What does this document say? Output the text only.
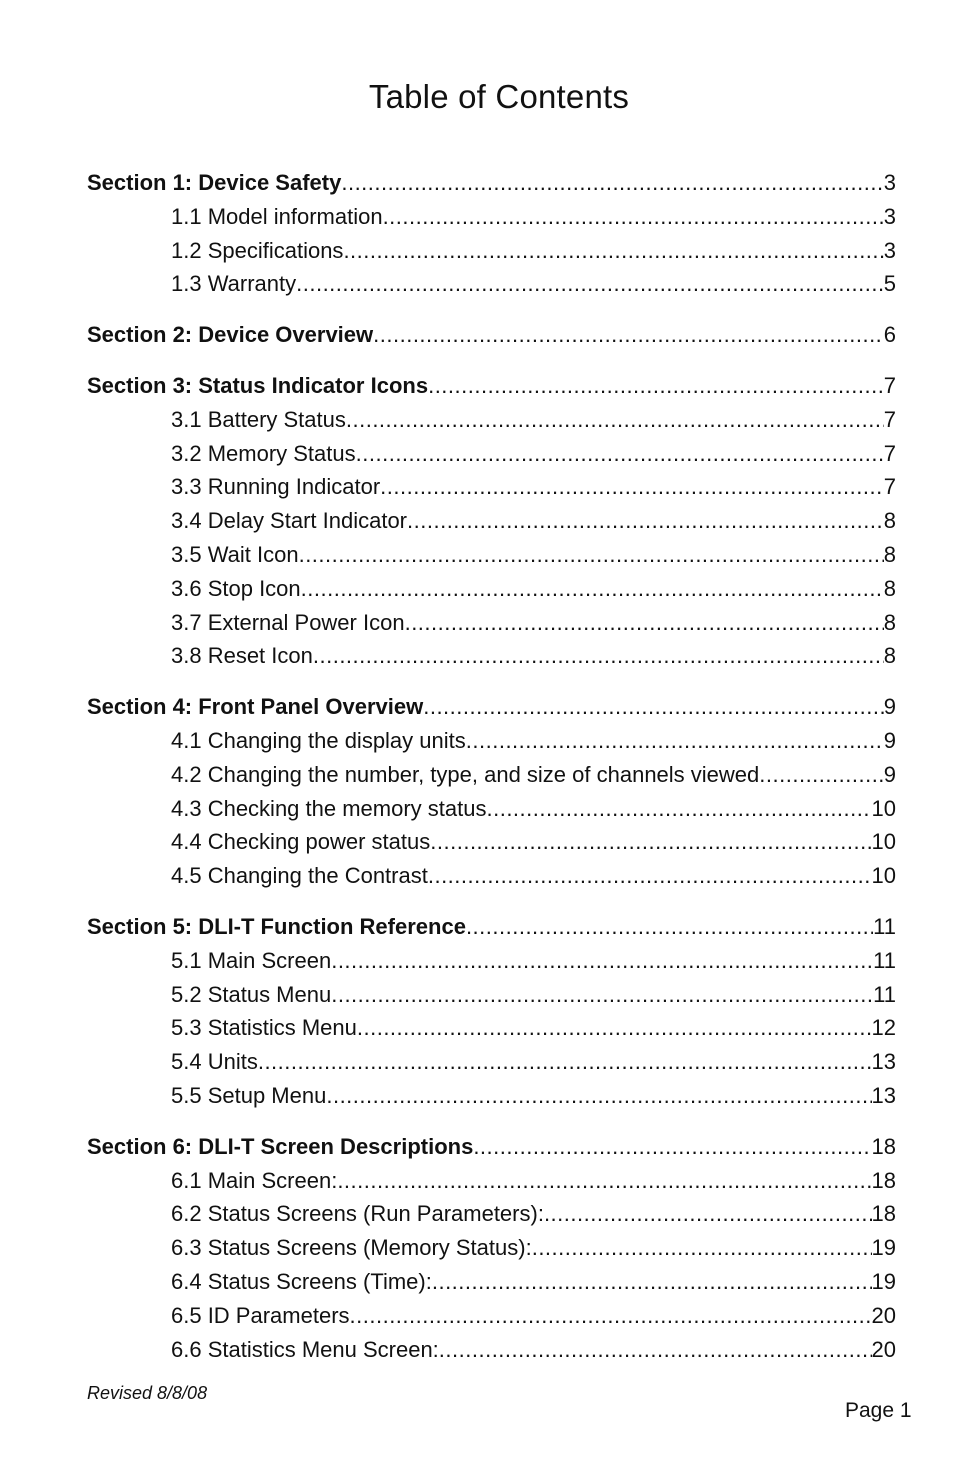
Table of Contents
Section 1: Device Safety .....	3
1.1 Model information .....	3
1.2 Specifications .....	3
1.3 Warranty .....	5
Section 2: Device Overview .....	6
Section 3: Status Indicator Icons .....	7
3.1 Battery Status .....	7
3.2 Memory Status .....	7
3.3 Running Indicator .....	7
3.4 Delay Start Indicator .....	8
3.5 Wait Icon .....	8
3.6 Stop Icon .....	8
3.7 External Power Icon .....	8
3.8 Reset Icon .....	8
Section 4: Front Panel Overview .....	9
4.1 Changing the display units .....	9
4.2 Changing the number, type, and size of channels viewed .....	9
4.3 Checking the memory status .....	10
4.4 Checking power status .....	10
4.5 Changing the Contrast .....	10
Section 5: DLI-T Function Reference .....	11
5.1 Main Screen .....	11
5.2 Status Menu .....	11
5.3 Statistics Menu .....	12
5.4 Units .....	13
5.5 Setup Menu .....	13
Section 6: DLI-T Screen Descriptions .....	18
6.1 Main Screen: .....	18
6.2 Status Screens (Run Parameters): .....	18
6.3 Status Screens (Memory Status): .....	19
6.4 Status Screens (Time): .....	19
6.5 ID Parameters .....	20
6.6 Statistics Menu Screen: .....	20
Revised 8/8/08
Page 1
